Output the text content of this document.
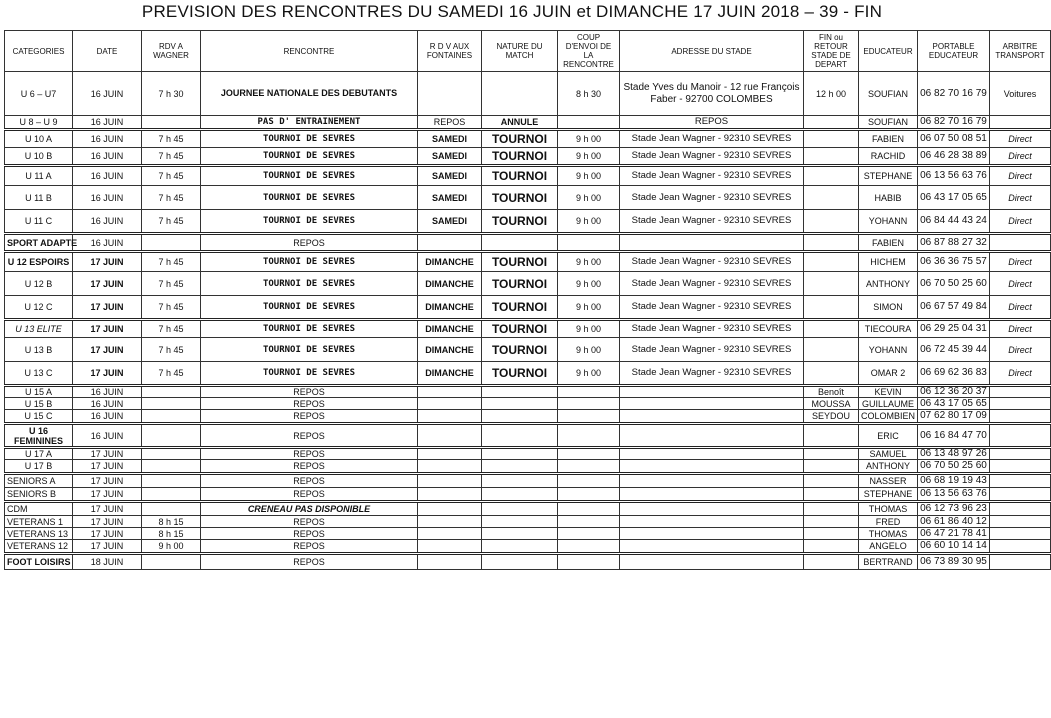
PREVISION DES RENCONTRES DU SAMEDI 16 JUIN et DIMANCHE 17 JUIN 2018 – 39 - FIN
CATEGORIES	DATE	RDV A WAGNER	RENCONTRE	R D V AUX FONTAINES	NATURE DU MATCH	COUP D'ENVOI DE LA RENCONTRE	ADRESSE DU STADE	FIN ou RETOUR STADE DE DEPART	EDUCATEUR	PORTABLE EDUCATEUR	ARBITRE TRANSPORT
U 6 – U7	16 JUIN	7 h 30	JOURNEE NATIONALE DES DEBUTANTS			8 h 30	Stade Yves du Manoir - 12 rue François Faber - 92700 COLOMBES	12 h 00	SOUFIAN	06 82 70 16 79	Voitures
U 8 – U 9	16 JUIN		PAS D' ENTRAINEMENT	REPOS	ANNULE		REPOS		SOUFIAN	06 82 70 16 79	
U 10 A	16 JUIN	7 h 45	TOURNOI DE SEVRES	SAMEDI	TOURNOI	9 h 00	Stade Jean Wagner - 92310 SEVRES		FABIEN	06 07 50 08 51	Direct
U 10 B	16 JUIN	7 h 45	TOURNOI DE SEVRES	SAMEDI	TOURNOI	9 h 00	Stade Jean Wagner - 92310 SEVRES		RACHID	06 46 28 38 89	Direct
U 11 A	16 JUIN	7 h 45	TOURNOI DE SEVRES	SAMEDI	TOURNOI	9 h 00	Stade Jean Wagner - 92310 SEVRES		STEPHANE	06 13 56 63 76	Direct
U 11 B	16 JUIN	7 h 45	TOURNOI DE SEVRES	SAMEDI	TOURNOI	9 h 00	Stade Jean Wagner - 92310 SEVRES		HABIB	06 43 17 05 65	Direct
U 11 C	16 JUIN	7 h 45	TOURNOI DE SEVRES	SAMEDI	TOURNOI	9 h 00	Stade Jean Wagner - 92310 SEVRES		YOHANN	06 84 44 43 24	Direct
SPORT ADAPTE	16 JUIN		REPOS						FABIEN	06 87 88 27 32	
U 12 ESPOIRS	17 JUIN	7 h 45	TOURNOI DE SEVRES	DIMANCHE	TOURNOI	9 h 00	Stade Jean Wagner - 92310 SEVRES		HICHEM	06 36 36 75 57	Direct
U 12 B	17 JUIN	7 h 45	TOURNOI DE SEVRES	DIMANCHE	TOURNOI	9 h 00	Stade Jean Wagner - 92310 SEVRES		ANTHONY	06 70 50 25 60	Direct
U 12 C	17 JUIN	7 h 45	TOURNOI DE SEVRES	DIMANCHE	TOURNOI	9 h 00	Stade Jean Wagner - 92310 SEVRES		SIMON	06 67 57 49 84	Direct
U 13 ELITE	17 JUIN	7 h 45	TOURNOI DE SEVRES	DIMANCHE	TOURNOI	9 h 00	Stade Jean Wagner - 92310 SEVRES		TIECOURA	06 29 25 04 31	Direct
U 13 B	17 JUIN	7 h 45	TOURNOI DE SEVRES	DIMANCHE	TOURNOI	9 h 00	Stade Jean Wagner - 92310 SEVRES		YOHANN	06 72 45 39 44	Direct
U 13 C	17 JUIN	7 h 45	TOURNOI DE SEVRES	DIMANCHE	TOURNOI	9 h 00	Stade Jean Wagner - 92310 SEVRES		OMAR 2	06 69 62 36 83	Direct
U 15 A	16 JUIN		REPOS					Benoît	KEVIN	06 12 36 20 37	
U 15 B	16 JUIN		REPOS					MOUSSA	GUILLAUME	06 43 17 05 65	
U 15 C	16 JUIN		REPOS					SEYDOU	COLOMBIEN	07 62 80 17 09	
U 16 FEMININES	16 JUIN		REPOS						ERIC	06 16 84 47 70	
U 17 A	17 JUIN		REPOS						SAMUEL	06 13 48 97 26	
U 17 B	17 JUIN		REPOS						ANTHONY	06 70 50 25 60	
SENIORS A	17 JUIN		REPOS						NASSER	06 68 19 19 43	
SENIORS B	17 JUIN		REPOS						STEPHANE	06 13 56 63 76	
CDM	17 JUIN		CRENEAU PAS DISPONIBLE						THOMAS	06 12 73 96 23	
VETERANS 1	17 JUIN	8 h 15	REPOS						FRED	06 61 86 40 12	
VETERANS 13	17 JUIN	8 h 15	REPOS						THOMAS	06 47 21 78 41	
VETERANS 12	17 JUIN	9 h 00	REPOS						ANGELO	06 60 10 14 14	
FOOT LOISIRS	18 JUIN		REPOS						BERTRAND	06 73 89 30 95	
